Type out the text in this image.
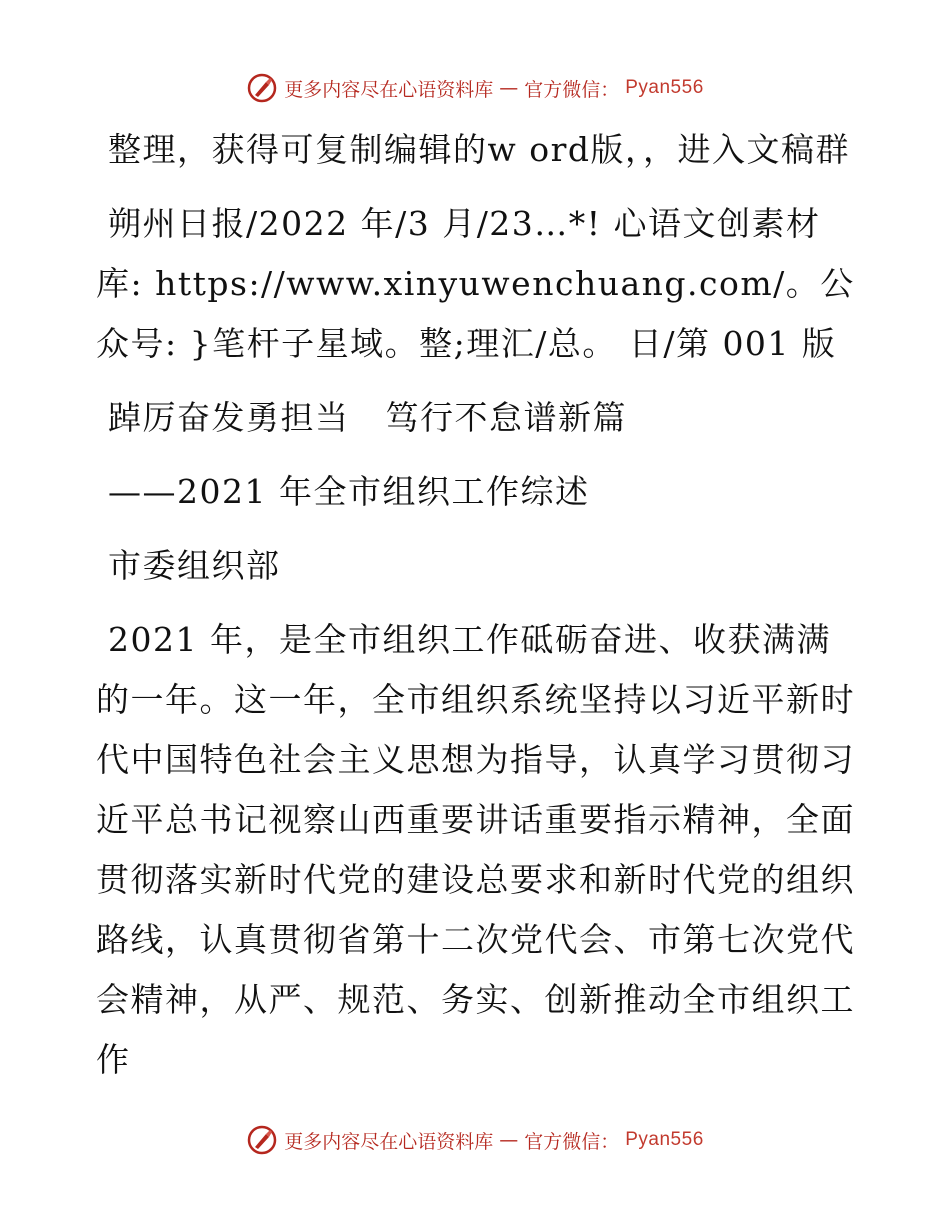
更多内容尽在心语资料库 — 官方微信： Pyan556

整理，获得可复制编辑的w ord版，，进入文稿群

朔州日报/2022 年/3 月/23…*! 心语文创素材库: https://www.xinyuwenchuang.com/。公众号: }笔杆子星域。整;理汇/总。 日/第 001 版

踔厉奋发勇担当   笃行不怠谱新篇

——2021 年全市组织工作综述

市委组织部

2021 年，是全市组织工作砥砺奋进、收获满满的一年。这一年，全市组织系统坚持以习近平新时代中国特色社会主义思想为指导，认真学习贯彻习近平总书记视察山西重要讲话重要指示精神，全面贯彻落实新时代党的建设总要求和新时代党的组织路线，认真贯彻省第十二次党代会、市第七次党代会精神，从严、规范、务实、创新推动全市组织工作

更多内容尽在心语资料库 — 官方微信： Pyan556
